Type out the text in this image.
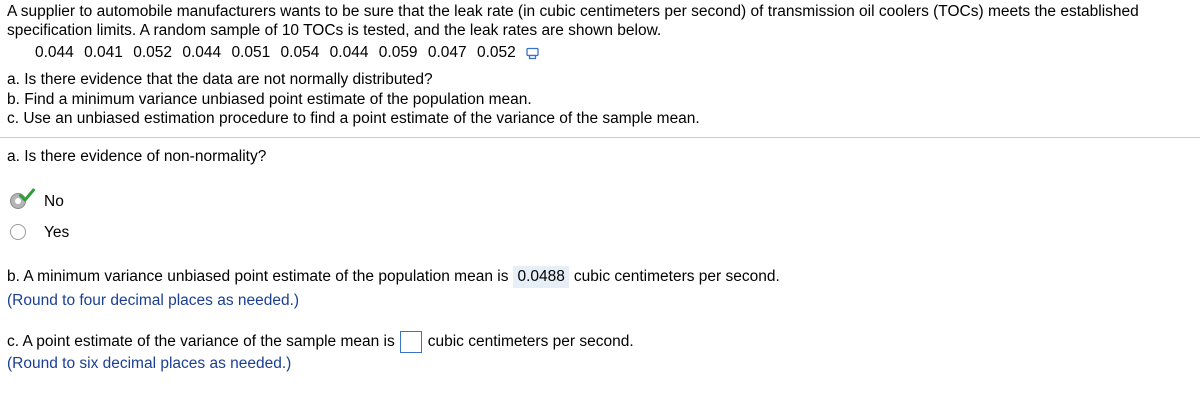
A supplier to automobile manufacturers wants to be sure that the leak rate (in cubic centimeters per second) of transmission oil coolers (TOCs) meets the established specification limits. A random sample of 10 TOCs is tested, and the leak rates are shown below.
0.044 0.041 0.052 0.044 0.051 0.054 0.044 0.059 0.047 0.052
a. Is there evidence that the data are not normally distributed?
b. Find a minimum variance unbiased point estimate of the population mean.
c. Use an unbiased estimation procedure to find a point estimate of the variance of the sample mean.
a. Is there evidence of non-normality?
No
Yes
b. A minimum variance unbiased point estimate of the population mean is 0.0488 cubic centimeters per second.
(Round to four decimal places as needed.)
c. A point estimate of the variance of the sample mean is cubic centimeters per second.
(Round to six decimal places as needed.)
